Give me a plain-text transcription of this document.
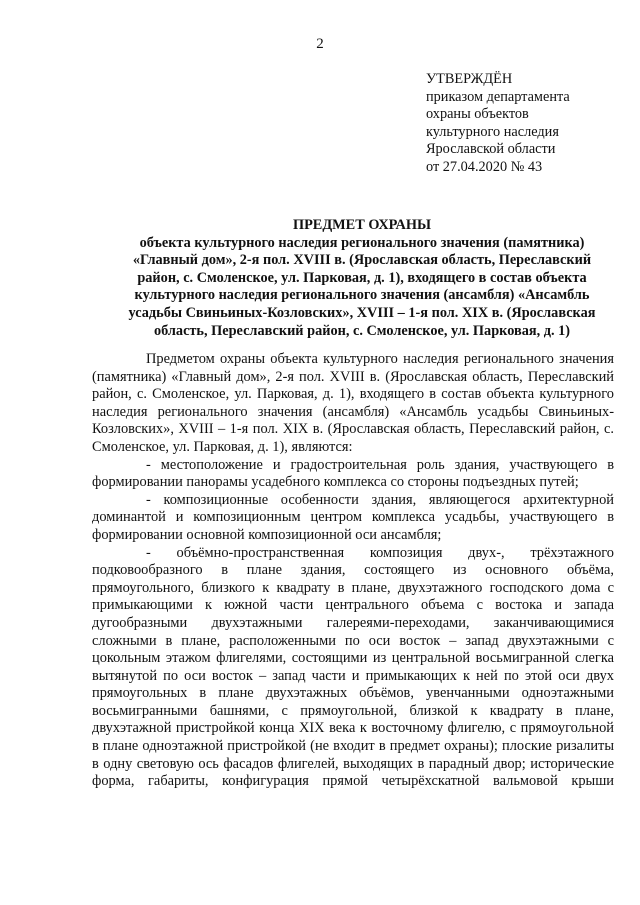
2
УТВЕРЖДЁН
приказом департамента
охраны объектов
культурного наследия
Ярославской области
от 27.04.2020 № 43
ПРЕДМЕТ ОХРАНЫ
объекта культурного наследия регионального значения (памятника)
«Главный дом», 2-я пол. XVIII в. (Ярославская область, Переславский
район, с. Смоленское, ул. Парковая, д. 1), входящего в состав объекта
культурного наследия регионального значения (ансамбля) «Ансамбль
усадьбы Свиньиных-Козловских», XVIII – 1-я пол. XIX в. (Ярославская
область, Переславский район, с. Смоленское, ул. Парковая, д. 1)

Предметом охраны объекта культурного наследия регионального значения (памятника) «Главный дом», 2-я пол. XVIII в. (Ярославская область, Переславский район, с. Смоленское, ул. Парковая, д. 1), входящего в состав объекта культурного наследия регионального значения (ансамбля) «Ансамбль усадьбы Свиньиных-Козловских», XVIII – 1-я пол. XIX в. (Ярославская область, Переславский район, с. Смоленское, ул. Парковая, д. 1), являются:

- местоположение и градостроительная роль здания, участвующего в формировании панорамы усадебного комплекса со стороны подъездных путей;

- композиционные особенности здания, являющегося архитектурной доминантой и композиционным центром комплекса усадьбы, участвующего в формировании основной композиционной оси ансамбля;

- объёмно-пространственная композиция двух-, трёхэтажного подковообразного в плане здания, состоящего из основного объёма, прямоугольного, близкого к квадрату в плане, двухэтажного господского дома с примыкающими к южной части центрального объема с востока и запада дугообразными двухэтажными галереями-переходами, заканчивающимися сложными в плане, расположенными по оси восток – запад двухэтажными с цокольным этажом флигелями, состоящими из центральной восьмигранной слегка вытянутой по оси восток – запад части и примыкающих к ней по этой оси двух прямоугольных в плане двухэтажных объёмов, увенчанными одноэтажными восьмигранными башнями, с прямоугольной, близкой к квадрату в плане, двухэтажной пристройкой конца XIX века к восточному флигелю, с прямоугольной в плане одноэтажной пристройкой (не входит в предмет охраны); плоские ризалиты в одну световую ось фасадов флигелей, выходящих в парадный двор; исторические форма, габариты, конфигурация прямой четырёхскатной вальмовой крыши
